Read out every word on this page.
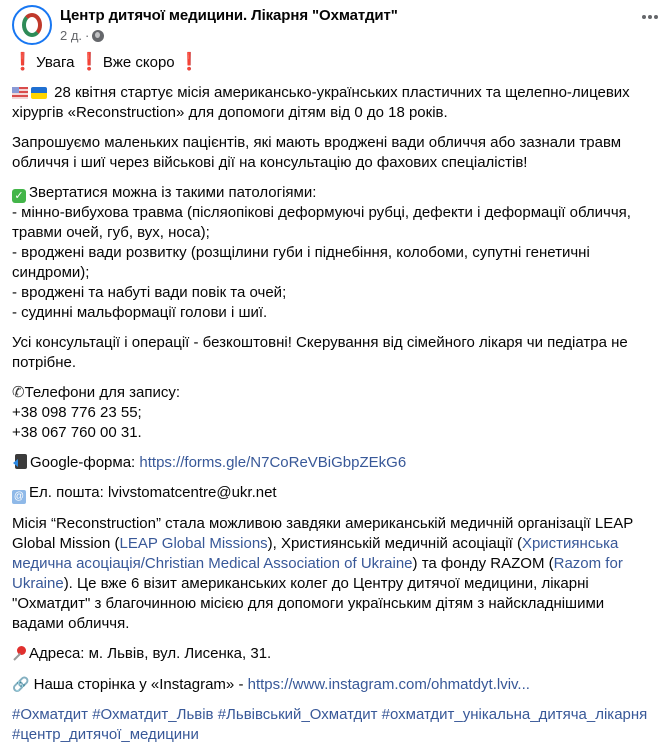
Центр дитячої медицини. Лікарня "Охматдит"
2 д. ·
❗ Увага ❗ Вже скоро ❗
28 квітня стартує місія американсько-українських пластичних та щелепно-лицевих
хірургів «Reconstruction» для допомоги дітям від 0 до 18 років.
Запрошуємо маленьких пацієнтів, які мають вроджені вади обличчя або зазнали травм
обличчя і шиї через військові дії на консультацію до фахових спеціалістів!
✓ Звертатися можна із такими патологіями:
- мінно-вибухова травма (післяопікові деформуючі рубці, дефекти і деформації обличчя,
травми очей, губ, вух, носа);
- вроджені вади розвитку (розщілини губи і піднебіння, колобоми, супутні генетичні
синдроми);
- вроджені та набуті вади повік та очей;
- судинні мальформації голови і шиї.
Усі консультації і операції - безкоштовні! Скерування від сімейного лікаря чи педіатра не
потрібне.
✆Телефони для запису:
+38 098 776 23 55;
+38 067 760 00 31.
Google-форма: https://forms.gle/N7CoReVBiGbpZEkG6
@ Ел. пошта: lvivstomatcentre@ukr.net
Місія “Reconstruction” стала можливою завдяки американській медичній організації LEAP
Global Mission (LEAP Global Missions), Християнській медичній асоціації (Християнська
медична асоціація/Christian Medical Association of Ukraine) та фонду RAZOM (Razom for
Ukraine). Це вже 6 візит американських колег до Центру дитячої медицини, лікарні
"Охматдит" з благочинною місією для допомоги українським дітям з найскладнішими
вадами обличчя.
Адреса: м. Львів, вул. Лисенка, 31.
🔗 Наша сторінка у «Instagram» - https://www.instagram.com/ohmatdyt.lviv...
#Охматдит #Охматдит_Львів #Львівський_Охматдит #охматдит_унікальна_дитяча_лікарня
#центр_дитячої_медицини
